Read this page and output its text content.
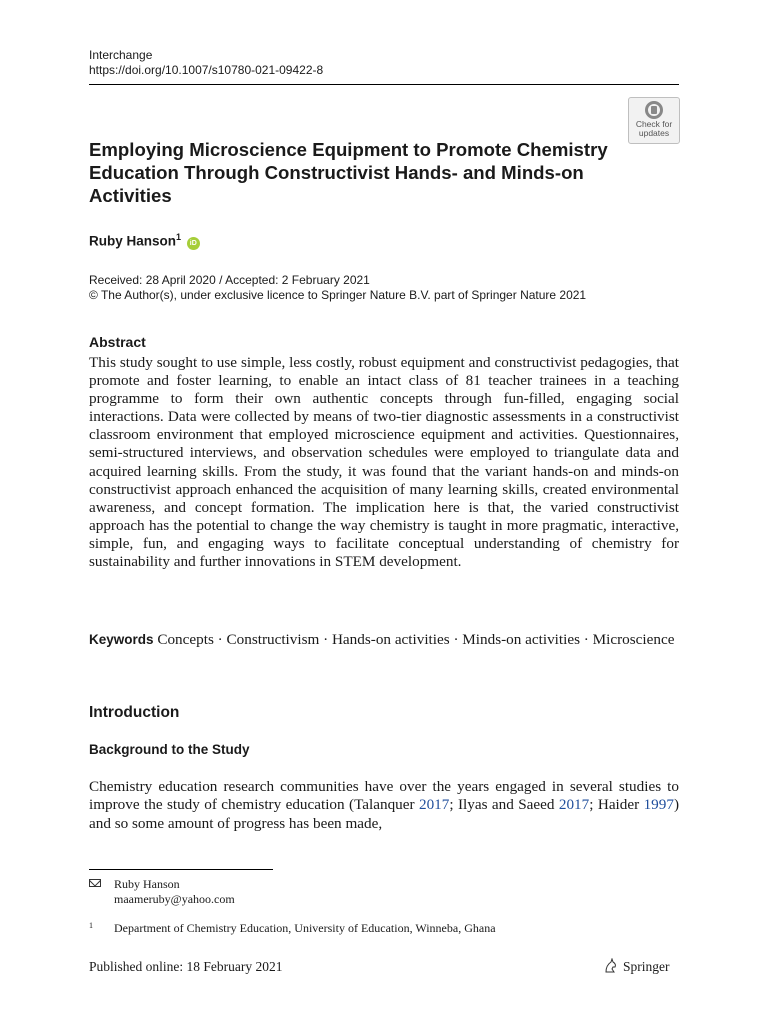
Interchange
https://doi.org/10.1007/s10780-021-09422-8
Check for
updates
Employing Microscience Equipment to Promote Chemistry Education Through Constructivist Hands- and Minds-on Activities
Ruby Hanson$^1$ iD
Received: 28 April 2020 / Accepted: 2 February 2021
© The Author(s), under exclusive licence to Springer Nature B.V. part of Springer Nature 2021
Abstract

This study sought to use simple, less costly, robust equipment and constructivist pedagogies, that promote and foster learning, to enable an intact class of 81 teacher trainees in a teaching programme to form their own authentic concepts through fun-filled, engaging social interactions. Data were collected by means of two-tier diagnostic assessments in a constructivist classroom environment that employed microscience equipment and activities. Questionnaires, semi-structured interviews, and observation schedules were employed to triangulate data and acquired learning skills. From the study, it was found that the variant hands-on and minds-on constructivist approach enhanced the acquisition of many learning skills, created environmental awareness, and concept formation. The implication here is that, the varied constructivist approach has the potential to change the way chemistry is taught in more pragmatic, interactive, simple, fun, and engaging ways to facilitate conceptual understanding of chemistry for sustainability and further innovations in STEM development.

Keywords Concepts · Constructivism · Hands-on activities · Minds-on activities · Microscience
Introduction
Background to the Study

Chemistry education research communities have over the years engaged in several studies to improve the study of chemistry education (Talanquer 2017; Ilyas and Saeed 2017; Haider 1997) and so some amount of progress has been made,

Ruby Hanson
maameruby@yahoo.com
1 Department of Chemistry Education, University of Education, Winneba, Ghana
Published online: 18 February 2021	Springer
